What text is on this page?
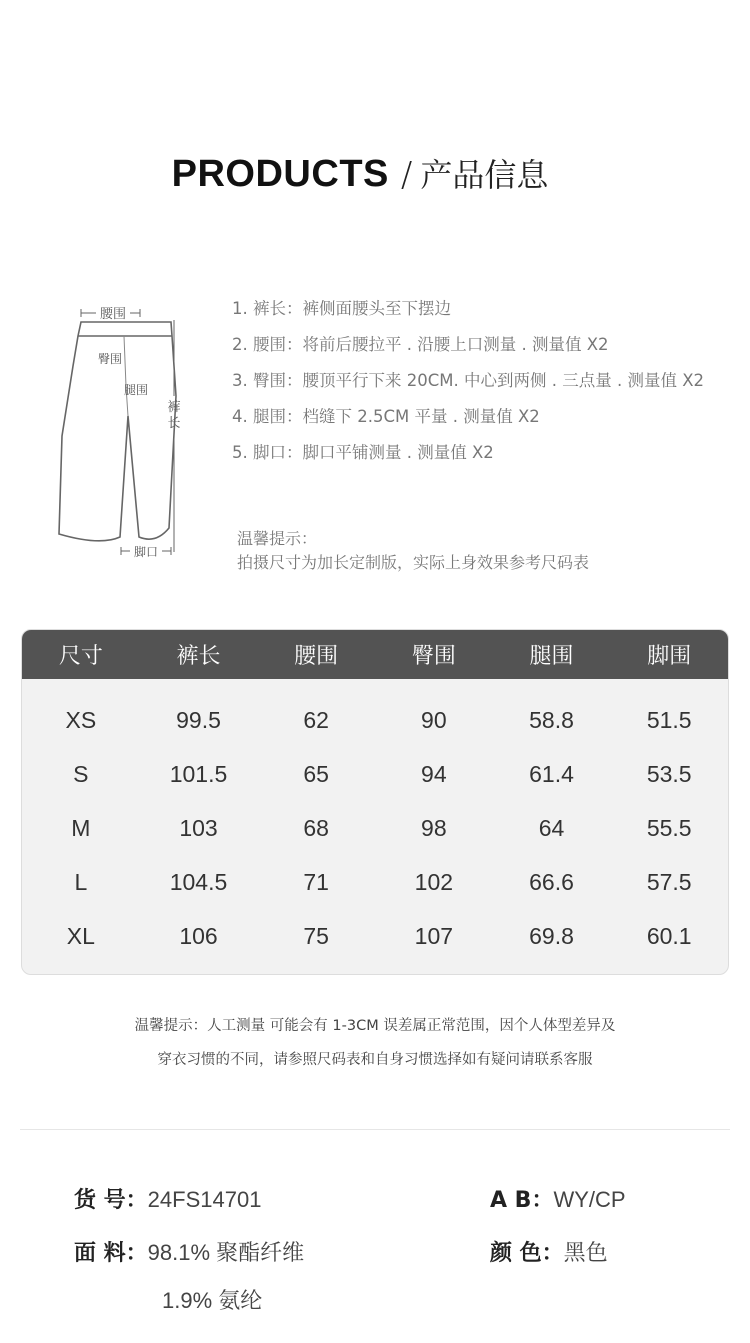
PRODUCTS / 产品信息
腰围
臀围
腿围
裤
长
脚口
1. 裤长：裤侧面腰头至下摆边
2. 腰围：将前后腰拉平 . 沿腰上口测量 . 测量值 X2
3. 臀围：腰顶平行下来 20CM. 中心到两侧 . 三点量 . 测量值 X2
4. 腿围：档缝下 2.5CM 平量 . 测量值 X2
5. 脚口：脚口平铺测量 . 测量值 X2
温馨提示：
拍摄尺寸为加长定制版，实际上身效果参考尺码表
尺寸	裤长	腰围	臀围	腿围	脚围
XS	99.5	62	90	58.8	51.5
S	101.5	65	94	61.4	53.5
M	103	68	98	64	55.5
L	104.5	71	102	66.6	57.5
XL	106	75	107	69.8	60.1
温馨提示：人工测量 可能会有 1-3CM 误差属正常范围，因个人体型差异及
穿衣习惯的不同，请参照尺码表和自身习惯选择如有疑问请联系客服
货 号：24FS14701	A B：WY/CP
面 料：98.1% 聚酯纤维
1.9% 氨纶
颜 色：黑色
